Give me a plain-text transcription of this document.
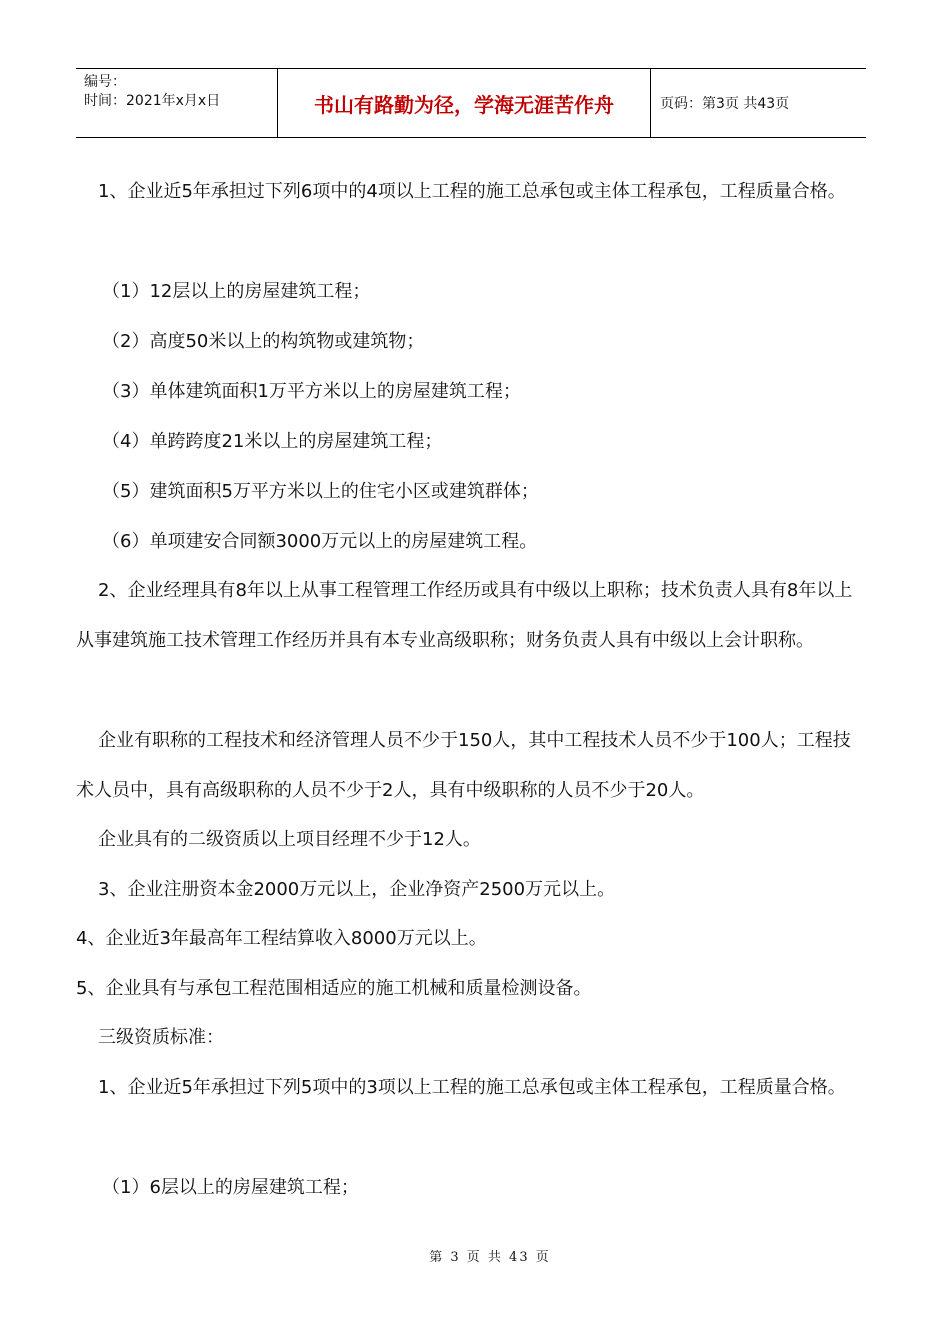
编号：
时间：2021年x月x日	书山有路勤为径，学海无涯苦作舟	页码：第3页 共43页

1、企业近5年承担过下列6项中的4项以上工程的施工总承包或主体工程承包，工程质量合格。

（1）12层以上的房屋建筑工程；

（2）高度50米以上的构筑物或建筑物；

（3）单体建筑面积1万平方米以上的房屋建筑工程；

（4）单跨跨度21米以上的房屋建筑工程；

（5）建筑面积5万平方米以上的住宅小区或建筑群体；

（6）单项建安合同额3000万元以上的房屋建筑工程。

2、企业经理具有8年以上从事工程管理工作经历或具有中级以上职称；技术负责人具有8年以上从事建筑施工技术管理工作经历并具有本专业高级职称；财务负责人具有中级以上会计职称。

企业有职称的工程技术和经济管理人员不少于150人，其中工程技术人员不少于100人；工程技术人员中，具有高级职称的人员不少于2人，具有中级职称的人员不少于20人。

企业具有的二级资质以上项目经理不少于12人。

3、企业注册资本金2000万元以上，企业净资产2500万元以上。

4、企业近3年最高年工程结算收入8000万元以上。

5、企业具有与承包工程范围相适应的施工机械和质量检测设备。

三级资质标准：

1、企业近5年承担过下列5项中的3项以上工程的施工总承包或主体工程承包，工程质量合格。

（1）6层以上的房屋建筑工程；

第 3 页 共 43 页
